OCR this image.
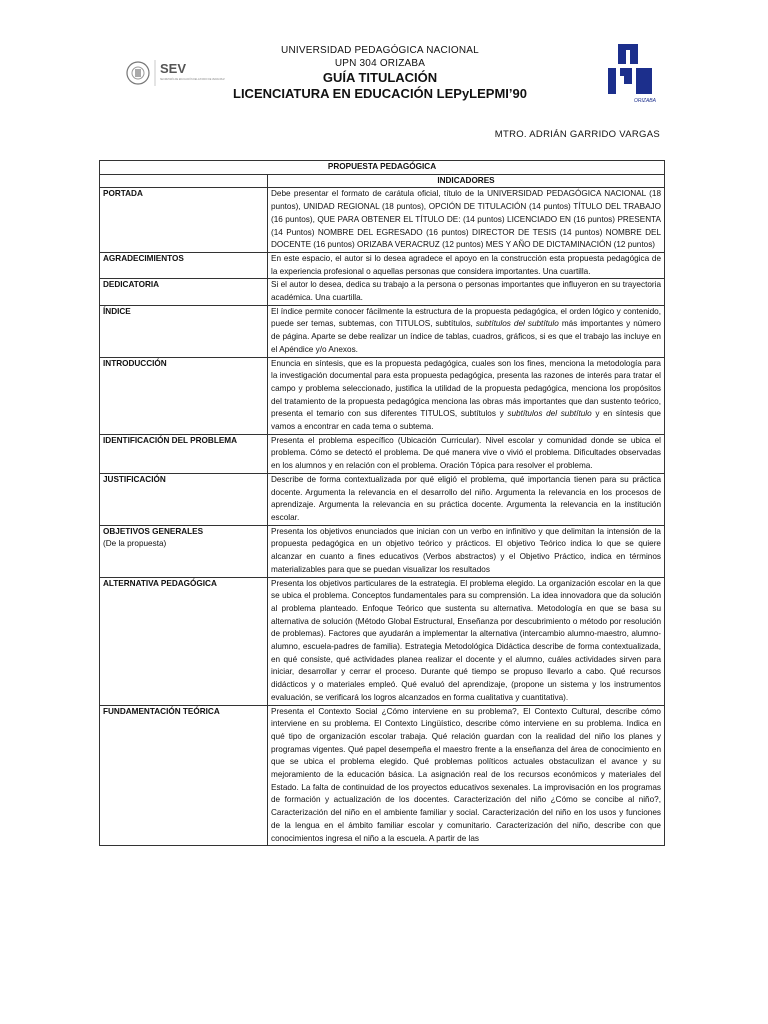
SEV
SECRETARÍA DE EDUCACIÓN DEL ESTADO DE VERACRUZ
UNIVERSIDAD PEDAGÓGICA NACIONAL
UPN 304 ORIZABA
GUÍA TITULACIÓN
LICENCIATURA EN EDUCACIÓN LEPyLEPMI’90	ORIZABA
MTRO. ADRIÁN GARRIDO VARGAS
PROPUESTA PEDAGÓGICA	
	INDICADORES
PORTADA	Debe presentar el formato de carátula oficial, título de la UNIVERSIDAD PEDAGÓGICA NACIONAL (18 puntos), UNIDAD REGIONAL (18 puntos), OPCIÓN DE TITULACIÓN (14 puntos) TÍTULO DEL TRABAJO (16 puntos), QUE PARA OBTENER EL TÍTULO DE: (14 puntos) LICENCIADO EN (16 puntos) PRESENTA (14 Puntos) NOMBRE DEL EGRESADO (16 puntos) DIRECTOR DE TESIS (14 puntos) NOMBRE DEL DOCENTE (16 puntos) ORIZABA VERACRUZ (12 puntos) MES Y AÑO DE DICTAMINACIÓN (12 puntos)
AGRADECIMIENTOS	En este espacio, el autor si lo desea agradece el apoyo en la construcción esta propuesta pedagógica de la experiencia profesional o aquellas personas que considera importantes. Una cuartilla.
DEDICATORIA	Si el autor lo desea, dedica su trabajo a la persona o personas importantes que influyeron en su trayectoria académica. Una cuartilla.
ÍNDICE	El índice permite conocer fácilmente la estructura de la propuesta pedagógica, el orden lógico y contenido, puede ser temas, subtemas, con TITULOS, subtítulos, subtítulos del subtítulo más importantes y número de página. Aparte se debe realizar un índice de tablas, cuadros, gráficos, si es que el trabajo las incluye en el Apéndice y/o Anexos.
INTRODUCCIÓN	Enuncia en síntesis, que es la propuesta pedagógica, cuales son los fines, menciona la metodología para la investigación documental para esta propuesta pedagógica, presenta las razones de interés para tratar el campo y problema seleccionado, justifica la utilidad de la propuesta pedagógica, menciona los propósitos del tratamiento de la propuesta pedagógica menciona las obras más importantes que dan sustento teórico, presenta el temario con sus diferentes TITULOS, subtítulos y subtítulos del subtítulo y en síntesis que vamos a encontrar en cada tema o subtema.
IDENTIFICACIÓN DEL PROBLEMA	Presenta el problema específico (Ubicación Curricular). Nivel escolar y comunidad donde se ubica el problema. Cómo se detectó el problema. De qué manera vive o vivió el problema. Dificultades observadas en los alumnos y en relación con el problema. Oración Tópica para resolver el problema.
JUSTIFICACIÓN	Describe de forma contextualizada por qué eligió el problema, qué importancia tienen para su práctica docente. Argumenta la relevancia en el desarrollo del niño. Argumenta la relevancia en los procesos de aprendizaje. Argumenta la relevancia en su práctica docente. Argumenta la relevancia en la institución escolar.

OBJETIVOS GENERALES
(De la propuesta)	Presenta los objetivos enunciados que inician con un verbo en infinitivo y que delimitan la intensión de la propuesta pedagógica en un objetivo teórico y prácticos. El objetivo Teórico indica lo que se quiere alcanzar en cuanto a fines educativos (Verbos abstractos) y el Objetivo Práctico, indica en términos materializables para que se puedan visualizar los resultados
ALTERNATIVA PEDAGÓGICA	Presenta los objetivos particulares de la estrategia. El problema elegido. La organización escolar en la que se ubica el problema. Conceptos fundamentales para su comprensión. La idea innovadora que da solución al problema planteado. Enfoque Teórico que sustenta su alternativa. Metodología en que se basa su alternativa de solución (Método Global Estructural, Enseñanza por descubrimiento o método por resolución de problemas). Factores que ayudarán a implementar la alternativa (intercambio alumno-maestro, alumno-alumno, escuela-padres de familia). Estrategia Metodológica Didáctica describe de forma contextualizada, en qué consiste, qué actividades planea realizar el docente y el alumno, cuáles actividades sirven para iniciar, desarrollar y cerrar el proceso. Durante qué tiempo se propuso llevarlo a cabo. Qué recursos didácticos y o materiales empleó. Qué evaluó del aprendizaje, (propone un sistema y los instrumentos evaluación, se verificará los logros alcanzados en forma cualitativa y cuantitativa).
FUNDAMENTACIÓN TEÓRICA	Presenta el Contexto Social ¿Cómo interviene en su problema?, El Contexto Cultural, describe cómo interviene en su problema. El Contexto Lingüístico, describe cómo interviene en su problema. Indica en qué tipo de organización escolar trabaja. Qué relación guardan con la realidad del niño los planes y programas vigentes. Qué papel desempeña el maestro frente a la enseñanza del área de conocimiento en que se ubica el problema elegido. Qué problemas políticos actuales obstaculizan el avance y su mejoramiento de la educación básica. La asignación real de los recursos económicos y materiales del Estado. La falta de continuidad de los proyectos educativos sexenales. La improvisación en los programas de formación y actualización de los docentes. Caracterización del niño ¿Cómo se concibe al niño?, Caracterización del niño en el ambiente familiar y social. Caracterización del niño en los usos y funciones de la lengua en el ámbito familiar escolar y comunitario. Caracterización del niño, describe con que conocimientos ingresa el niño a la escuela. A partir de las
